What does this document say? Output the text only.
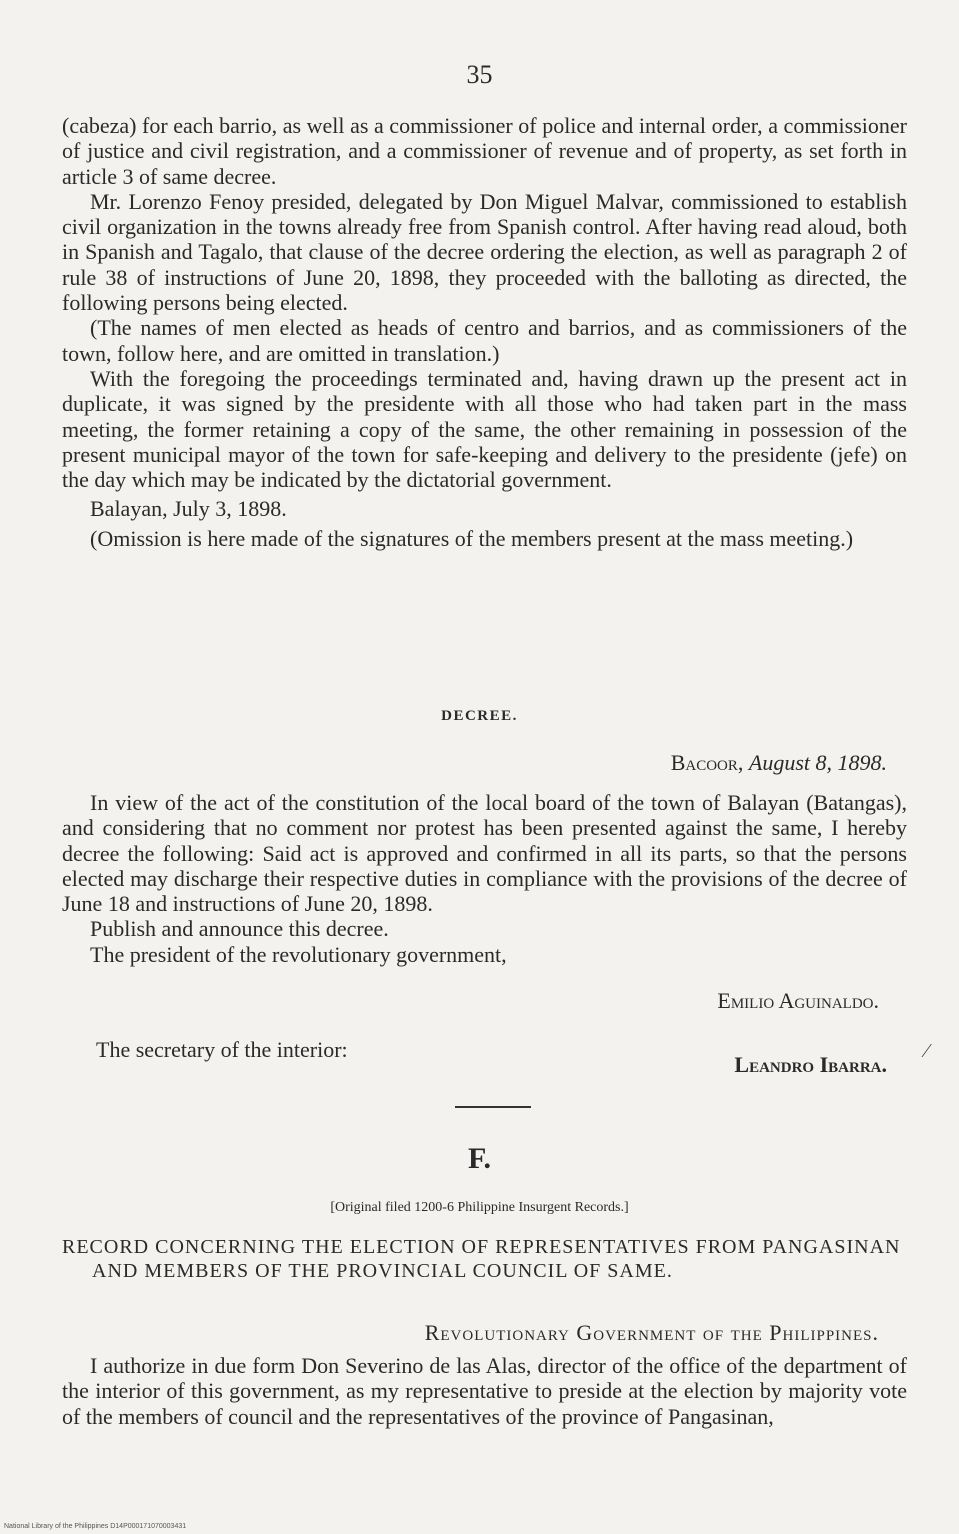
35

(cabeza) for each barrio, as well as a commissioner of police and internal order, a commissioner of justice and civil registration, and a commissioner of revenue and of property, as set forth in article 3 of same decree.

Mr. Lorenzo Fenoy presided, delegated by Don Miguel Malvar, commissioned to establish civil organization in the towns already free from Spanish control. After having read aloud, both in Spanish and Tagalo, that clause of the decree ordering the election, as well as paragraph 2 of rule 38 of instructions of June 20, 1898, they proceeded with the balloting as directed, the following persons being elected.

(The names of men elected as heads of centro and barrios, and as commissioners of the town, follow here, and are omitted in translation.)

With the foregoing the proceedings terminated and, having drawn up the present act in duplicate, it was signed by the presidente with all those who had taken part in the mass meeting, the former retaining a copy of the same, the other remaining in possession of the present municipal mayor of the town for safe-keeping and delivery to the presidente (jefe) on the day which may be indicated by the dictatorial government.

Balayan, July 3, 1898.

(Omission is here made of the signatures of the members present at the mass meeting.)

DECREE.
Bacoor, August 8, 1898.

In view of the act of the constitution of the local board of the town of Balayan (Batangas), and considering that no comment nor protest has been presented against the same, I hereby decree the following: Said act is approved and confirmed in all its parts, so that the persons elected may discharge their respective duties in compliance with the provisions of the decree of June 18 and instructions of June 20, 1898.

Publish and announce this decree.

The president of the revolutionary government,

Emilio Aguinaldo.
The secretary of the interior:
Leandro Ibarra.
⁄
F.
[Original filed 1200-6 Philippine Insurgent Records.]
RECORD CONCERNING THE ELECTION OF REPRESENTATIVES FROM PANGASINAN AND MEMBERS OF THE PROVINCIAL COUNCIL OF SAME.
Revolutionary Government of the Philippines.

I authorize in due form Don Severino de las Alas, director of the office of the department of the interior of this government, as my representative to preside at the election by majority vote of the members of council and the representatives of the province of Pangasinan,

National Library of the Philippines D14P000171070003431
